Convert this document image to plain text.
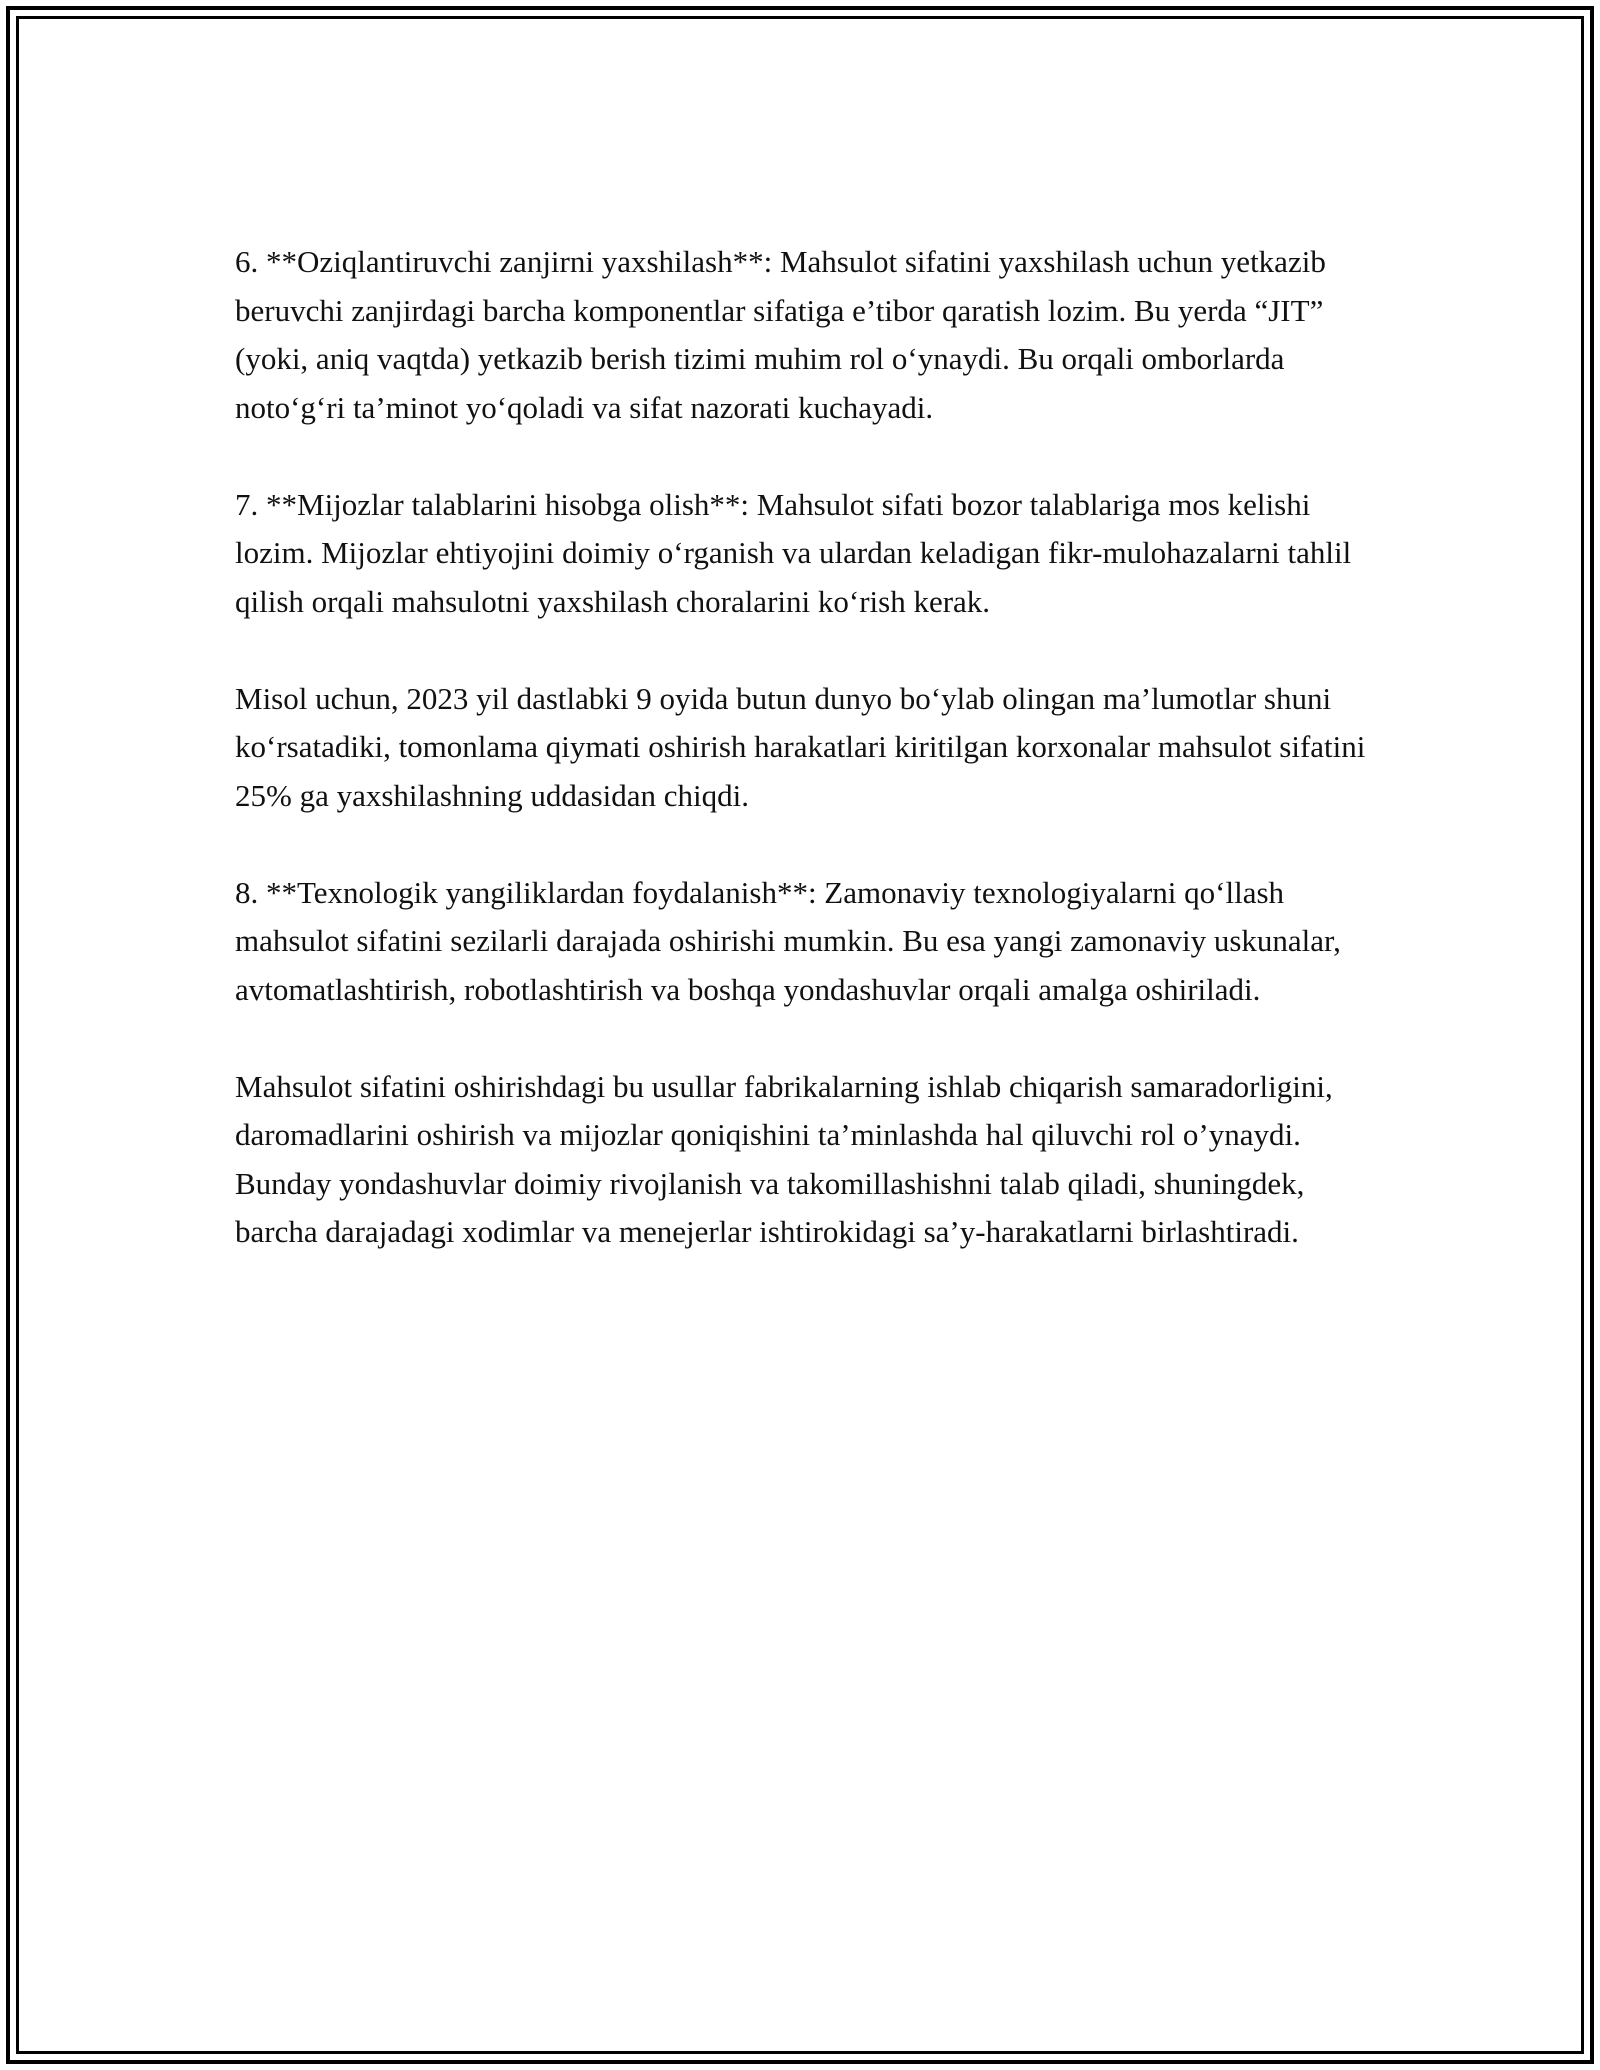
6. **Oziqlantiruvchi zanjirni yaxshilash**: Mahsulot sifatini yaxshilash uchun yetkazib beruvchi zanjirdagi barcha komponentlar sifatiga e’tibor qaratish lozim. Bu yerda “JIT” (yoki, aniq vaqtda) yetkazib berish tizimi muhim rol o‘ynaydi. Bu orqali omborlarda noto‘g‘ri ta’minot yo‘qoladi va sifat nazorati kuchayadi.

7. **Mijozlar talablarini hisobga olish**: Mahsulot sifati bozor talablariga mos kelishi lozim. Mijozlar ehtiyojini doimiy o‘rganish va ulardan keladigan fikr-mulohazalarni tahlil qilish orqali mahsulotni yaxshilash choralarini ko‘rish kerak.

Misol uchun, 2023 yil dastlabki 9 oyida butun dunyo bo‘ylab olingan ma’lumotlar shuni ko‘rsatadiki, tomonlama qiymati oshirish harakatlari kiritilgan korxonalar mahsulot sifatini 25% ga yaxshilashning uddasidan chiqdi.

8. **Texnologik yangiliklardan foydalanish**: Zamonaviy texnologiyalarni qo‘llash mahsulot sifatini sezilarli darajada oshirishi mumkin. Bu esa yangi zamonaviy uskunalar, avtomatlashtirish, robotlashtirish va boshqa yondashuvlar orqali amalga oshiriladi.

Mahsulot sifatini oshirishdagi bu usullar fabrikalarning ishlab chiqarish samaradorligini, daromadlarini oshirish va mijozlar qoniqishini ta’minlashda hal qiluvchi rol o’ynaydi. Bunday yondashuvlar doimiy rivojlanish va takomillashishni talab qiladi, shuningdek, barcha darajadagi xodimlar va menejerlar ishtirokidagi sa’y-harakatlarni birlashtiradi.
